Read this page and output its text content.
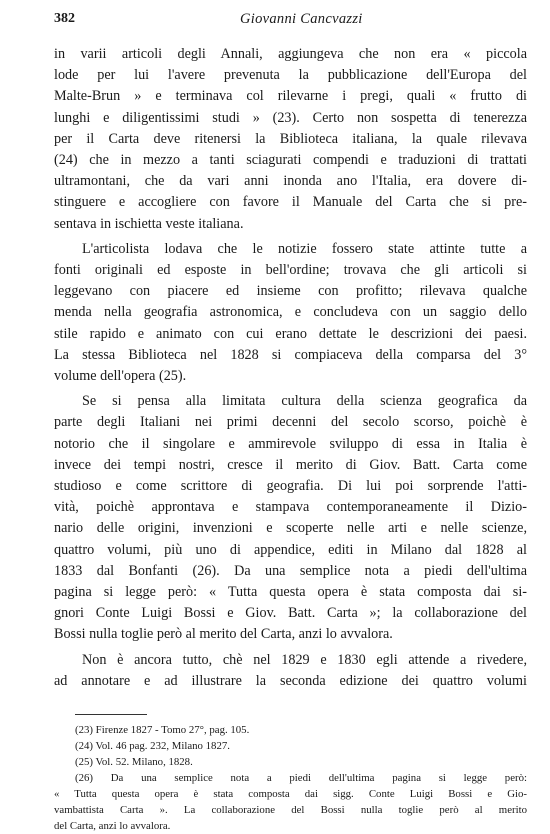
382	Giovanni Cancvazzi
in varii articoli degli Annali, aggiungeva che non era « piccola
lode per lui l'avere prevenuta la pubblicazione dell'Europa del
Malte-Brun » e terminava col rilevarne i pregi, quali « frutto di
lunghi e diligentissimi studi » (23). Certo non sospetta di tenerezza
per il Carta deve ritenersi la Biblioteca italiana, la quale rilevava
(24) che in mezzo a tanti sciagurati compendi e traduzioni di trattati
ultramontani, che da vari anni inonda ano l'Italia, era dovere di-
stinguere e accogliere con favore il Manuale del Carta che si pre-
sentava in ischietta veste italiana.
L'articolista lodava che le notizie fossero state attinte tutte a
fonti originali ed esposte in bell'ordine; trovava che gli articoli si
leggevano con piacere ed insieme con profitto; rilevava qualche
menda nella geografia astronomica, e concludeva con un saggio dello
stile rapido e animato con cui erano dettate le descrizioni dei paesi.
La stessa Biblioteca nel 1828 si compiaceva della comparsa del 3°
volume dell'opera (25).
Se si pensa alla limitata cultura della scienza geografica da
parte degli Italiani nei primi decenni del secolo scorso, poichè è
notorio che il singolare e ammirevole sviluppo di essa in Italia è
invece dei tempi nostri, cresce il merito di Giov. Batt. Carta come
studioso e come scrittore di geografia. Di lui poi sorprende l'atti-
vità, poichè approntava e stampava contemporaneamente il Dizio-
nario delle origini, invenzioni e scoperte nelle arti e nelle scienze,
quattro volumi, più uno di appendice, editi in Milano dal 1828 al
1833 dal Bonfanti (26). Da una semplice nota a piedi dell'ultima
pagina si legge però: « Tutta questa opera è stata composta dai si-
gnori Conte Luigi Bossi e Giov. Batt. Carta »; la collaborazione del
Bossi nulla toglie però al merito del Carta, anzi lo avvalora.
Non è ancora tutto, chè nel 1829 e 1830 egli attende a rivedere,
ad annotare e ad illustrare la seconda edizione dei quattro volumi
(23) Firenze 1827 - Tomo 27°, pag. 105.
(24) Vol. 46 pag. 232, Milano 1827.
(25) Vol. 52. Milano, 1828.
(26) Da una semplice nota a piedi dell'ultima pagina si legge però:
« Tutta questa opera è stata composta dai sigg. Conte Luigi Bossi e Gio-
vambattista Carta ». La collaborazione del Bossi nulla toglie però al merito
del Carta, anzi lo avvalora.
